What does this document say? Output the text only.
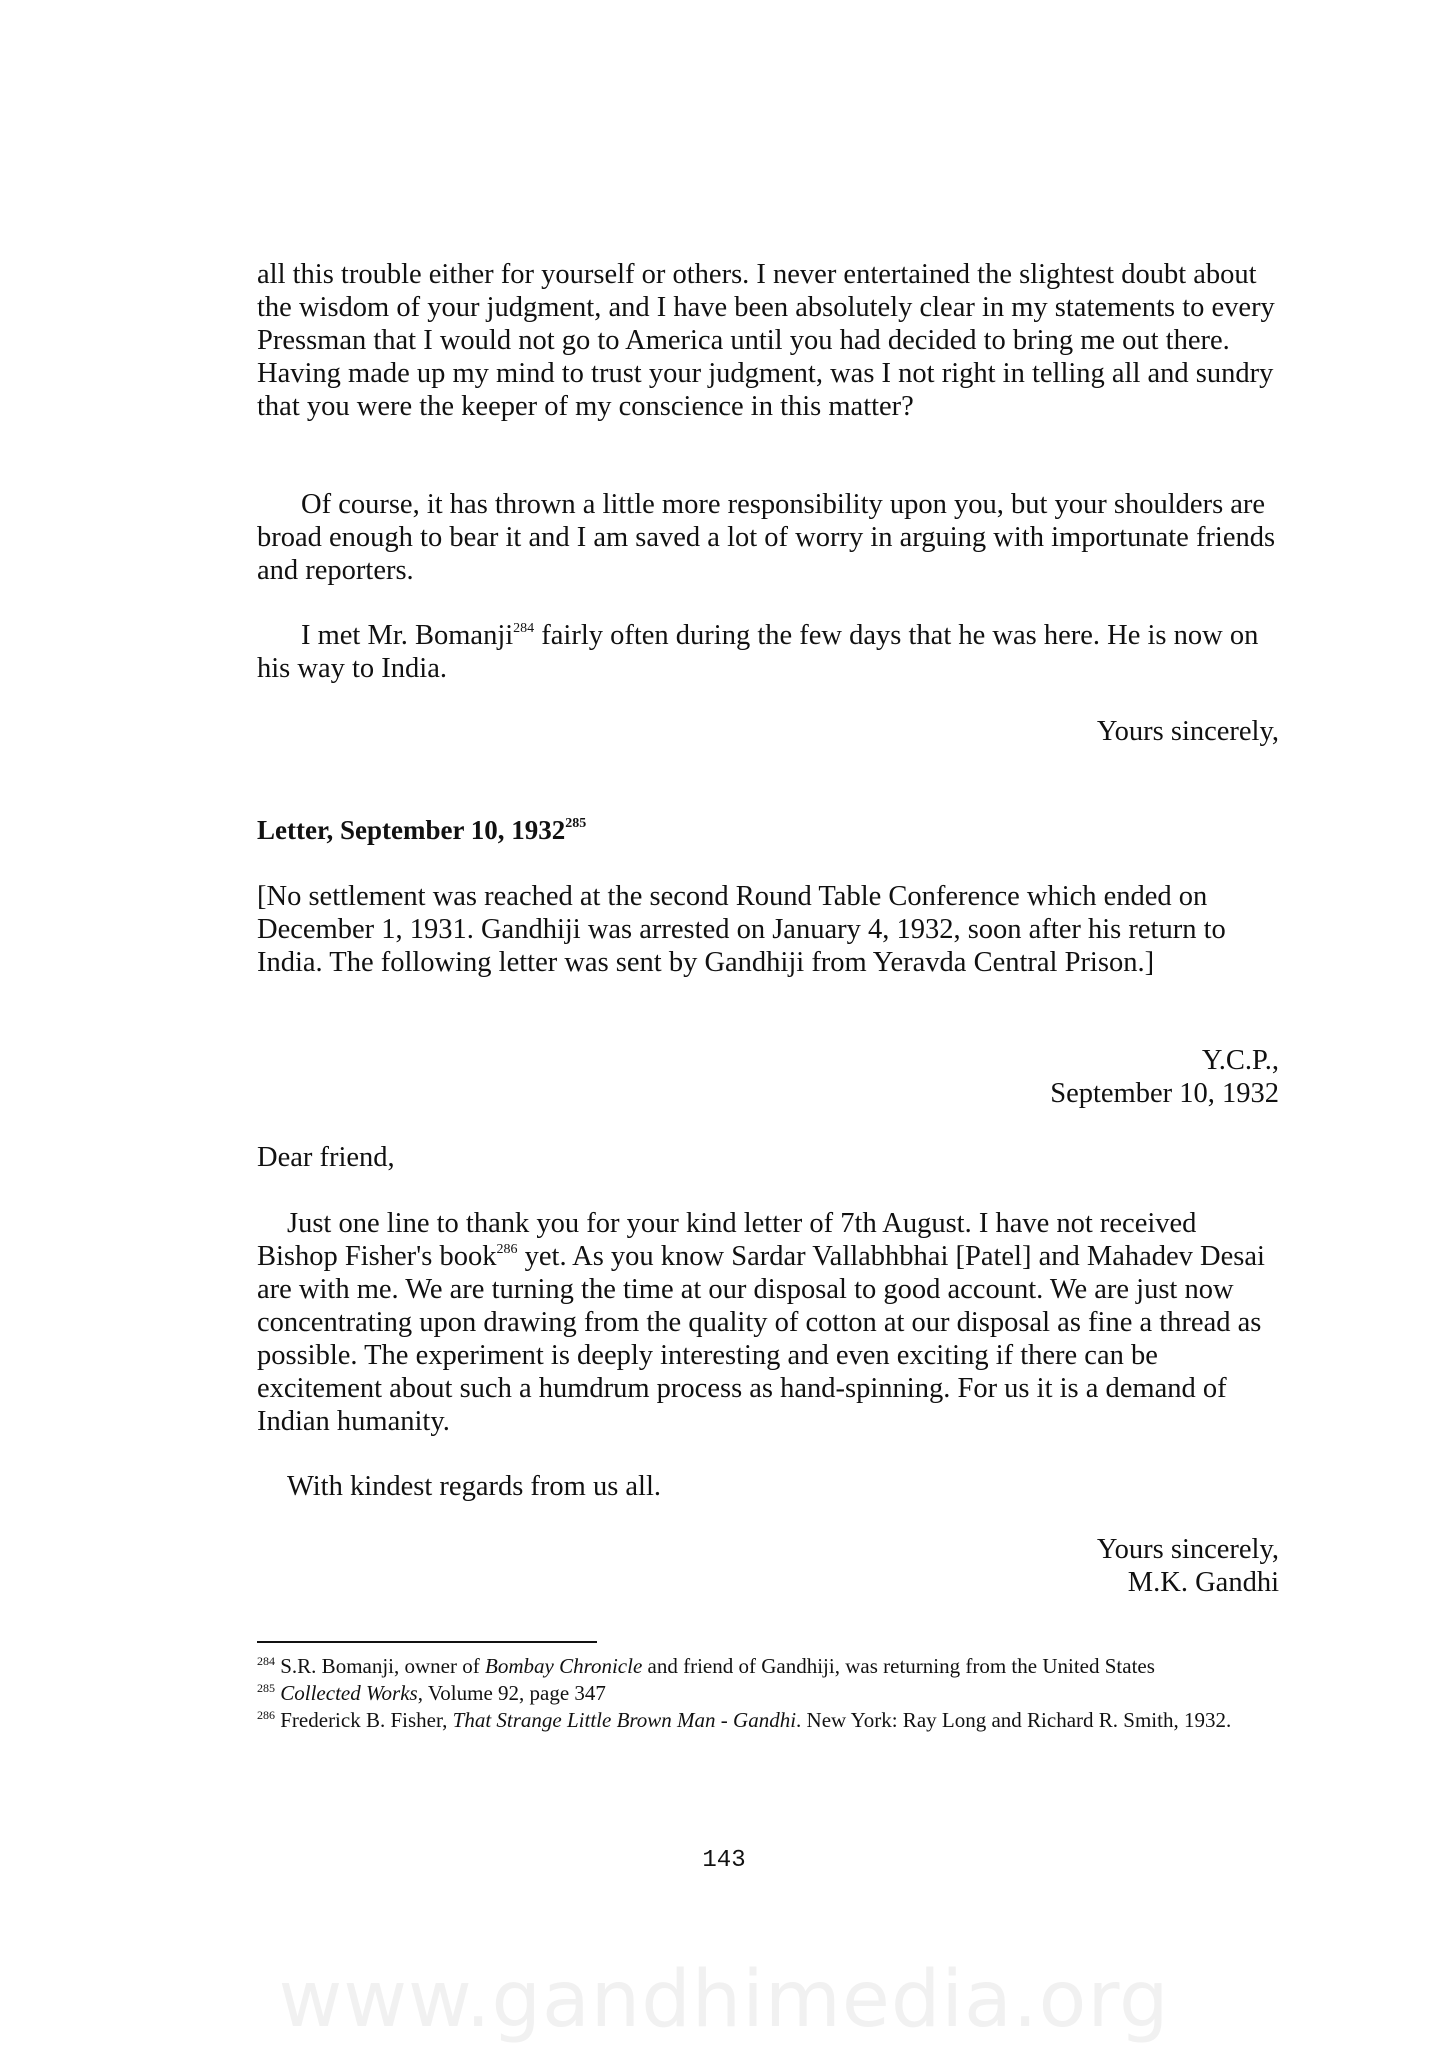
all this trouble either for yourself or others. I never entertained the slightest doubt about the wisdom of your judgment, and I have been absolutely clear in my statements to every Pressman that I would not go to America until you had decided to bring me out there. Having made up my mind to trust your judgment, was I not right in telling all and sundry that you were the keeper of my conscience in this matter?

Of course, it has thrown a little more responsibility upon you, but your shoulders are broad enough to bear it and I am saved a lot of worry in arguing with importunate friends and reporters.

I met Mr. Bomanji$^{284}$ fairly often during the few days that he was here. He is now on his way to India.

Yours sincerely,

Letter, September 10, 1932$^{285}$

[No settlement was reached at the second Round Table Conference which ended on December 1, 1931. Gandhiji was arrested on January 4, 1932, soon after his return to India. The following letter was sent by Gandhiji from Yeravda Central Prison.]

Y.C.P.,

September 10, 1932

Dear friend,

Just one line to thank you for your kind letter of 7th August. I have not received Bishop Fisher's book$^{286}$ yet. As you know Sardar Vallabhbhai [Patel] and Mahadev Desai are with me. We are turning the time at our disposal to good account. We are just now concentrating upon drawing from the quality of cotton at our disposal as fine a thread as possible. The experiment is deeply interesting and even exciting if there can be excitement about such a humdrum process as hand-spinning. For us it is a demand of Indian humanity.

With kindest regards from us all.

Yours sincerely,

M.K. Gandhi

$^{284}$ S.R. Bomanji, owner of Bombay Chronicle and friend of Gandhiji, was returning from the United States

$^{285}$ Collected Works, Volume 92, page 347

$^{286}$ Frederick B. Fisher, That Strange Little Brown Man - Gandhi. New York: Ray Long and Richard R. Smith, 1932.

143
www.gandhimedia.org
